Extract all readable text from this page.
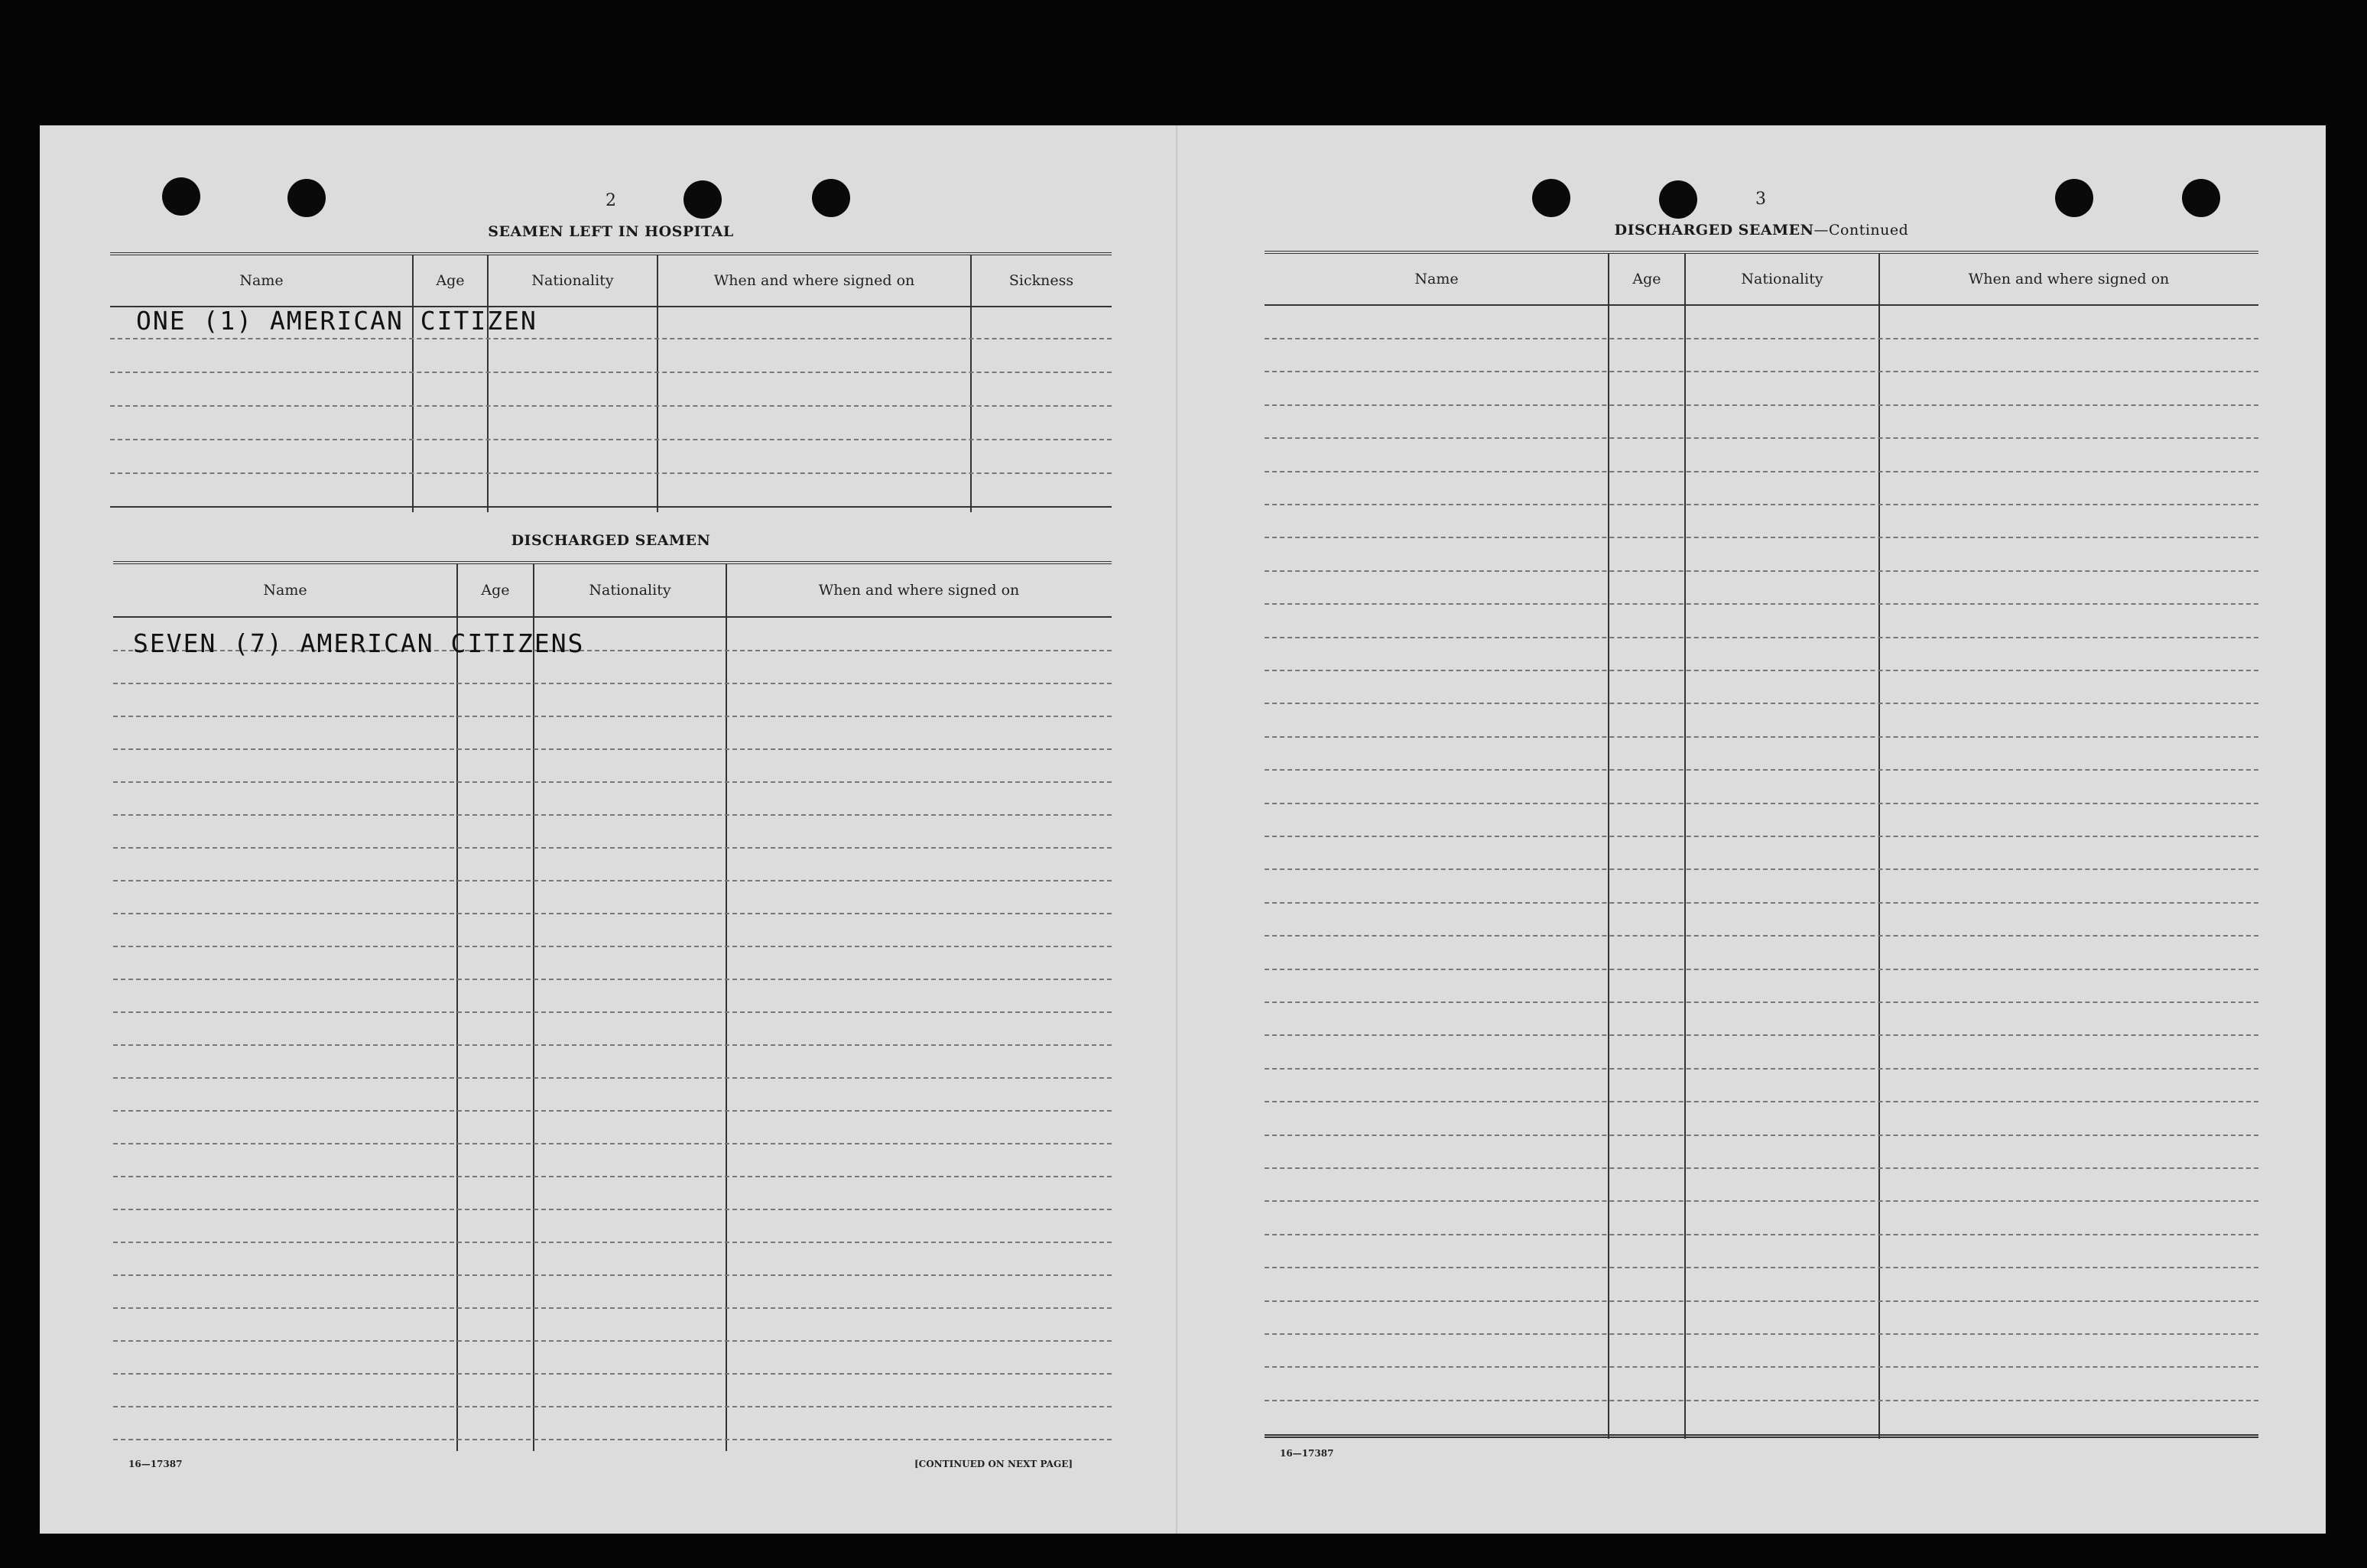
2
SEAMEN LEFT IN HOSPITAL
Name	Age	Nationality	When and where signed on	Sickness
ONE (1) AMERICAN CITIZEN
DISCHARGED SEAMEN
Name	Age	Nationality	When and where signed on
SEVEN (7) AMERICAN CITIZENS
16—17387	[CONTINUED ON NEXT PAGE]
3
DISCHARGED SEAMEN—Continued
Name	Age	Nationality	When and where signed on
16—17387
